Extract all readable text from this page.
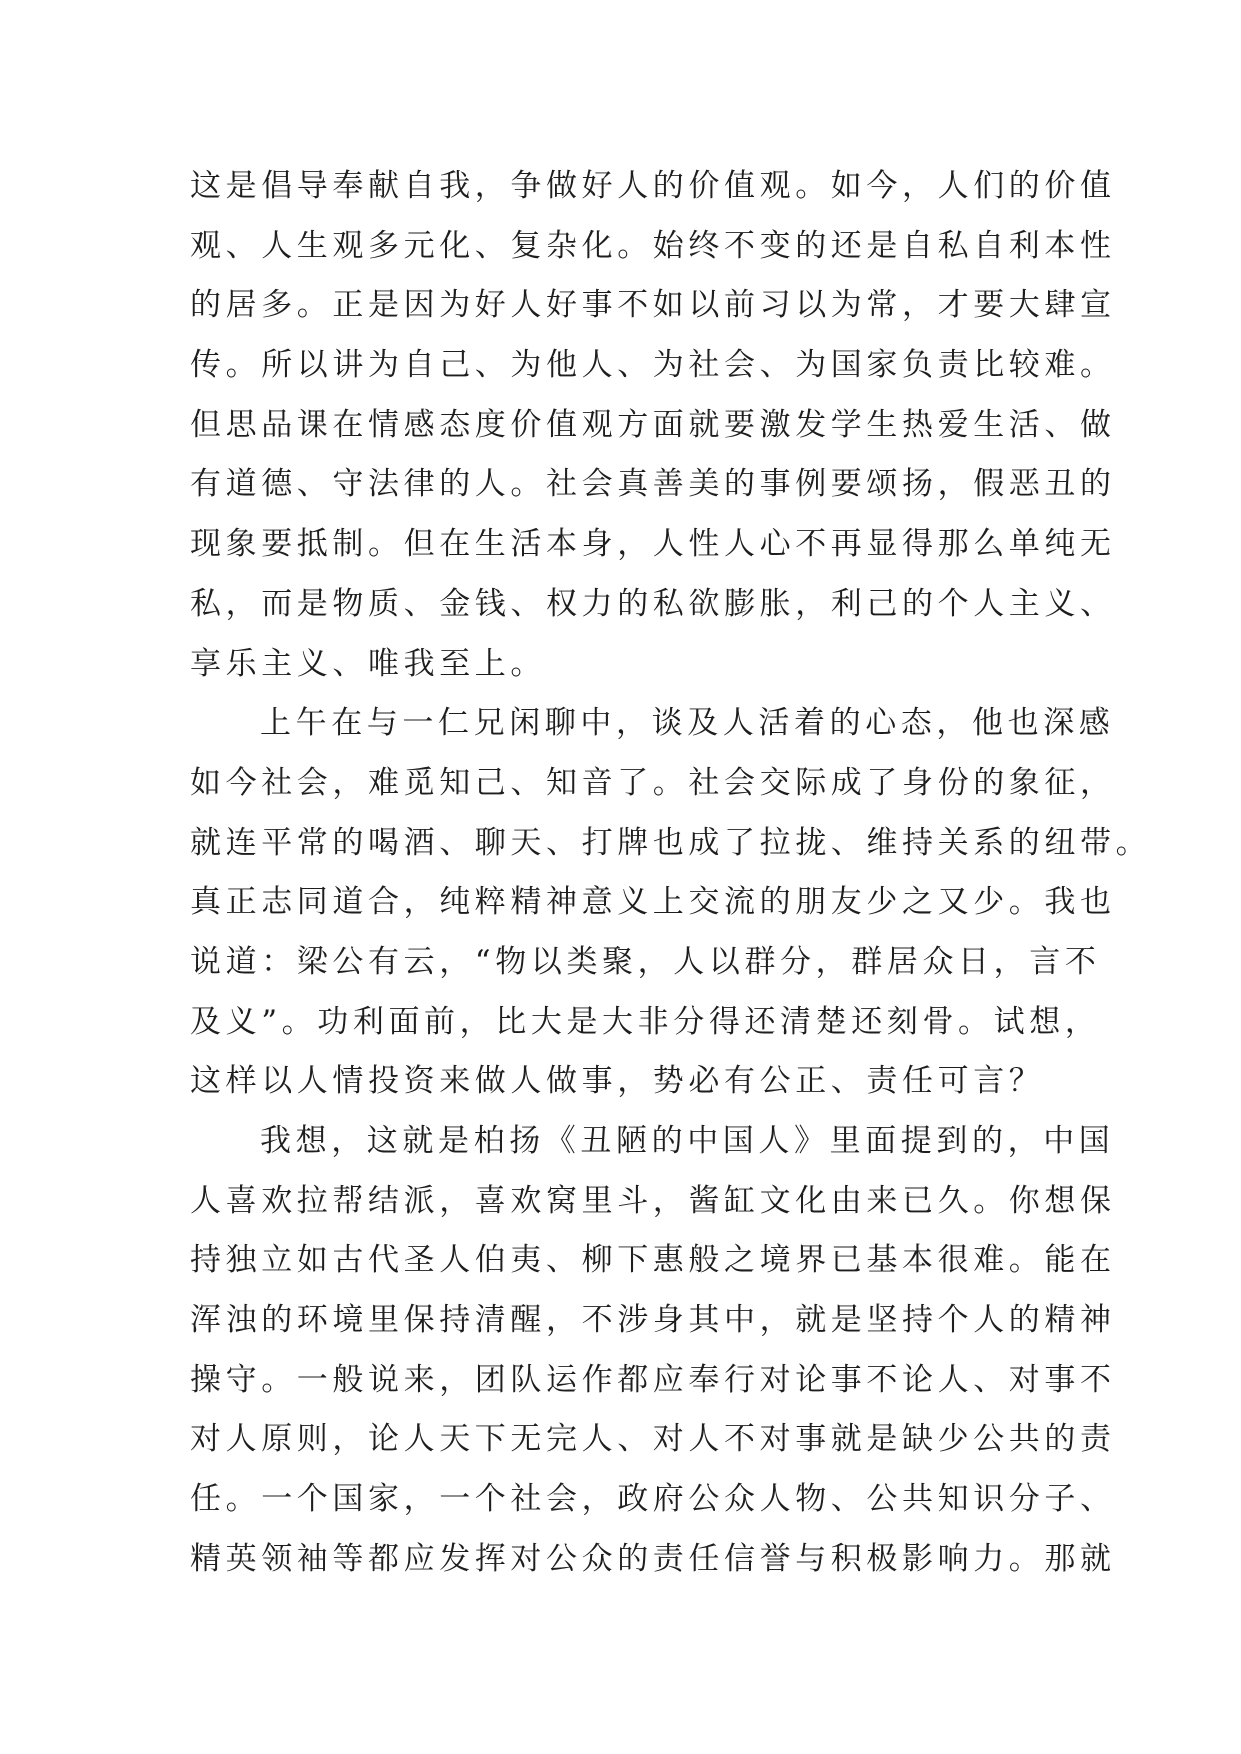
这是倡导奉献自我，争做好人的价值观。如今，人们的价值
观、人生观多元化、复杂化。始终不变的还是自私自利本性
的居多。正是因为好人好事不如以前习以为常，才要大肆宣
传。所以讲为自己、为他人、为社会、为国家负责比较难。
但思品课在情感态度价值观方面就要激发学生热爱生活、做
有道德、守法律的人。社会真善美的事例要颂扬，假恶丑的
现象要抵制。但在生活本身，人性人心不再显得那么单纯无
私，而是物质、金钱、权力的私欲膨胀，利己的个人主义、
享乐主义、唯我至上。
上午在与一仁兄闲聊中，谈及人活着的心态，他也深感
如今社会，难觅知己、知音了。社会交际成了身份的象征，
就连平常的喝酒、聊天、打牌也成了拉拢、维持关系的纽带。
真正志同道合，纯粹精神意义上交流的朋友少之又少。我也
说道：梁公有云，“物以类聚，人以群分，群居众日，言不
及义”。功利面前，比大是大非分得还清楚还刻骨。试想，
这样以人情投资来做人做事，势必有公正、责任可言？
我想，这就是柏扬《丑陋的中国人》里面提到的，中国
人喜欢拉帮结派，喜欢窝里斗，酱缸文化由来已久。你想保
持独立如古代圣人伯夷、柳下惠般之境界已基本很难。能在
浑浊的环境里保持清醒，不涉身其中，就是坚持个人的精神
操守。一般说来，团队运作都应奉行对论事不论人、对事不
对人原则，论人天下无完人、对人不对事就是缺少公共的责
任。一个国家，一个社会，政府公众人物、公共知识分子、
精英领袖等都应发挥对公众的责任信誉与积极影响力。那就
